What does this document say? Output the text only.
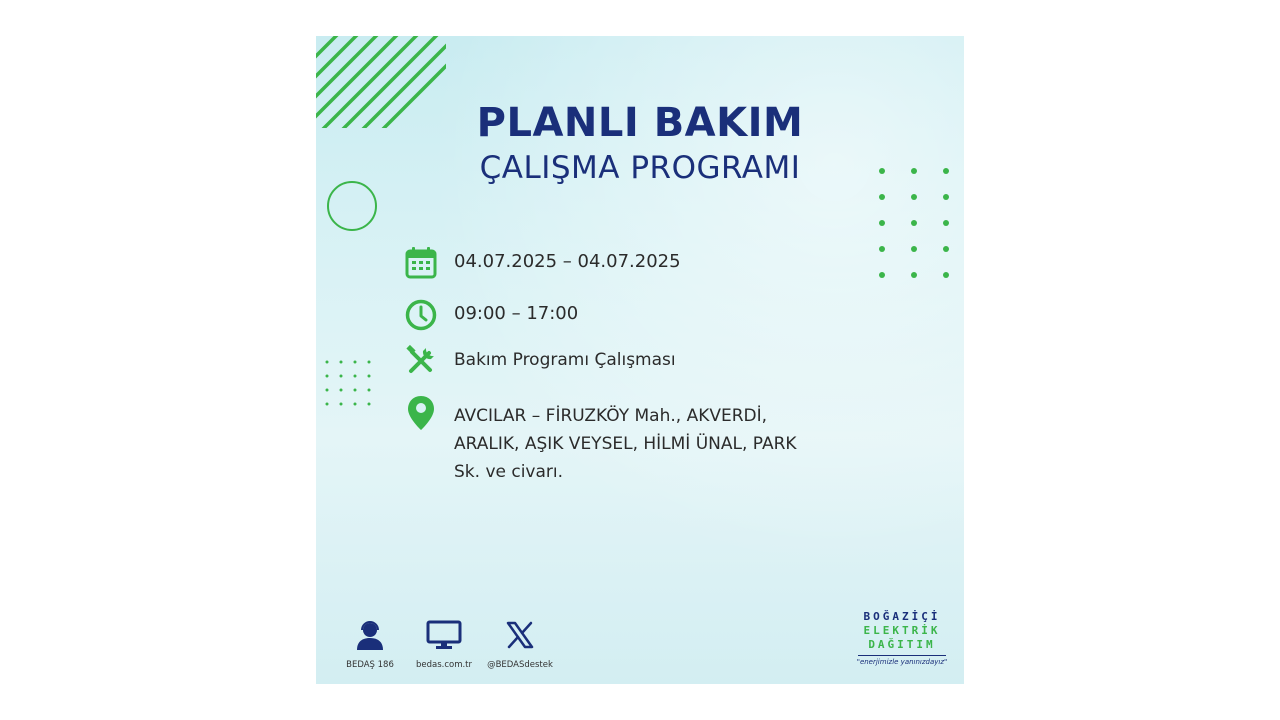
PLANLI BAKIM
ÇALIŞMA PROGRAMI
04.07.2025 – 04.07.2025
09:00 – 17:00
Bakım Programı Çalışması
AVCILAR – FİRUZKÖY Mah., AKVERDİ, ARALIK, AŞIK VEYSEL, HİLMİ ÜNAL, PARK Sk. ve civarı.
BEDAŞ 186	bedas.com.tr	@BEDASdestek
BOĞAZİÇİ
ELEKTRİK
DAĞITIM
"enerjimizle yanınızdayız"
